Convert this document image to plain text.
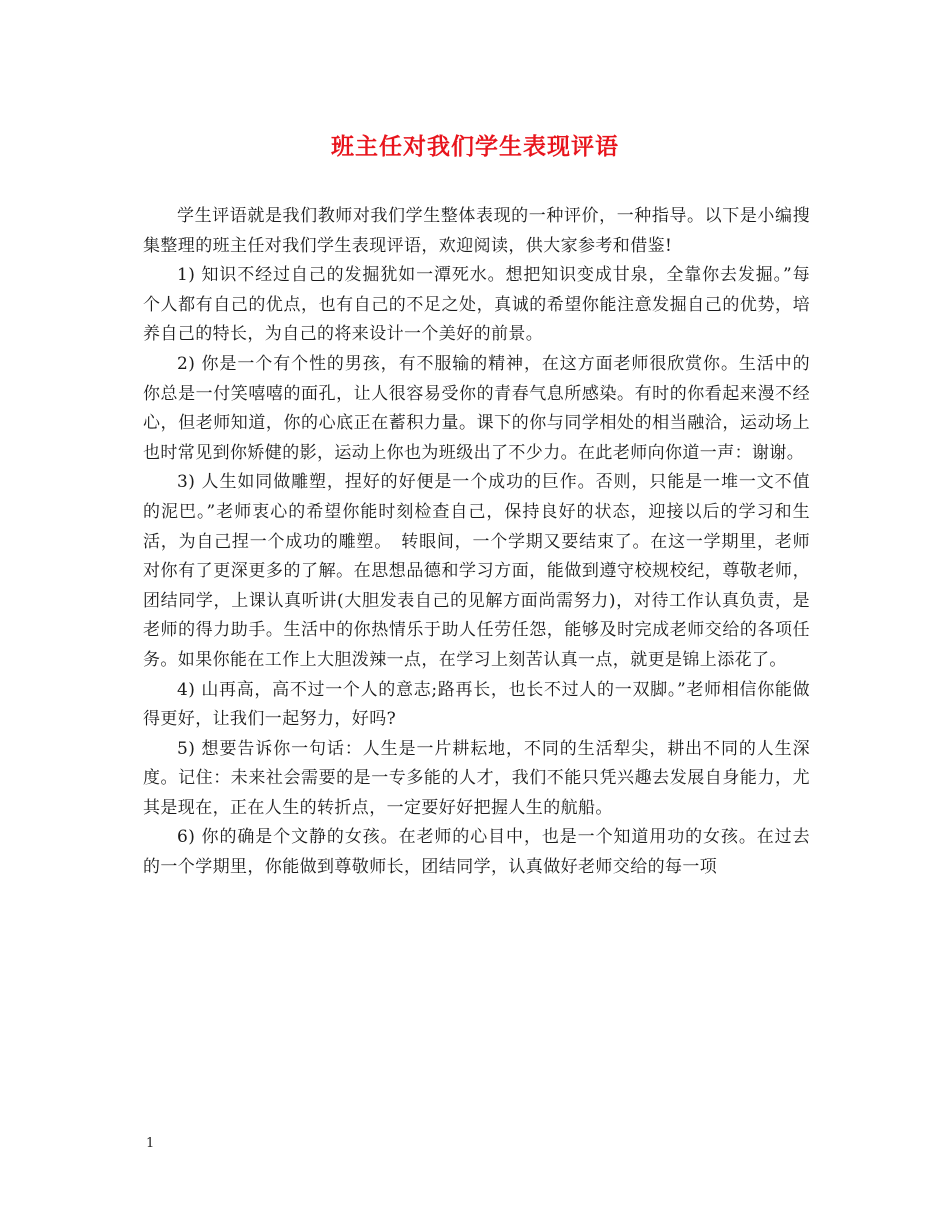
班主任对我们学生表现评语

学生评语就是我们教师对我们学生整体表现的一种评价，一种指导。以下是小编搜集整理的班主任对我们学生表现评语，欢迎阅读，供大家参考和借鉴!

1) 知识不经过自己的发掘犹如一潭死水。想把知识变成甘泉，全靠你去发掘。”每个人都有自己的优点，也有自己的不足之处，真诚的希望你能注意发掘自己的优势，培养自己的特长，为自己的将来设计一个美好的前景。

2) 你是一个有个性的男孩，有不服输的精神，在这方面老师很欣赏你。生活中的你总是一付笑嘻嘻的面孔，让人很容易受你的青春气息所感染。有时的你看起来漫不经心，但老师知道，你的心底正在蓄积力量。课下的你与同学相处的相当融洽，运动场上也时常见到你矫健的影，运动上你也为班级出了不少力。在此老师向你道一声：谢谢。

3) 人生如同做雕塑，捏好的好便是一个成功的巨作。否则，只能是一堆一文不值的泥巴。”老师衷心的希望你能时刻检查自己，保持良好的状态，迎接以后的学习和生活，为自己捏一个成功的雕塑。　转眼间，一个学期又要结束了。在这一学期里，老师对你有了更深更多的了解。在思想品德和学习方面，能做到遵守校规校纪，尊敬老师，团结同学，上课认真听讲(大胆发表自己的见解方面尚需努力)，对待工作认真负责，是老师的得力助手。生活中的你热情乐于助人任劳任怨，能够及时完成老师交给的各项任务。如果你能在工作上大胆泼辣一点，在学习上刻苦认真一点，就更是锦上添花了。

4) 山再高，高不过一个人的意志;路再长，也长不过人的一双脚。”老师相信你能做得更好，让我们一起努力，好吗?

5) 想要告诉你一句话：人生是一片耕耘地，不同的生活犁尖，耕出不同的人生深度。记住：未来社会需要的是一专多能的人才，我们不能只凭兴趣去发展自身能力，尤其是现在，正在人生的转折点，一定要好好把握人生的航船。

6) 你的确是个文静的女孩。在老师的心目中，也是一个知道用功的女孩。在过去的一个学期里，你能做到尊敬师长，团结同学，认真做好老师交给的每一项

1
